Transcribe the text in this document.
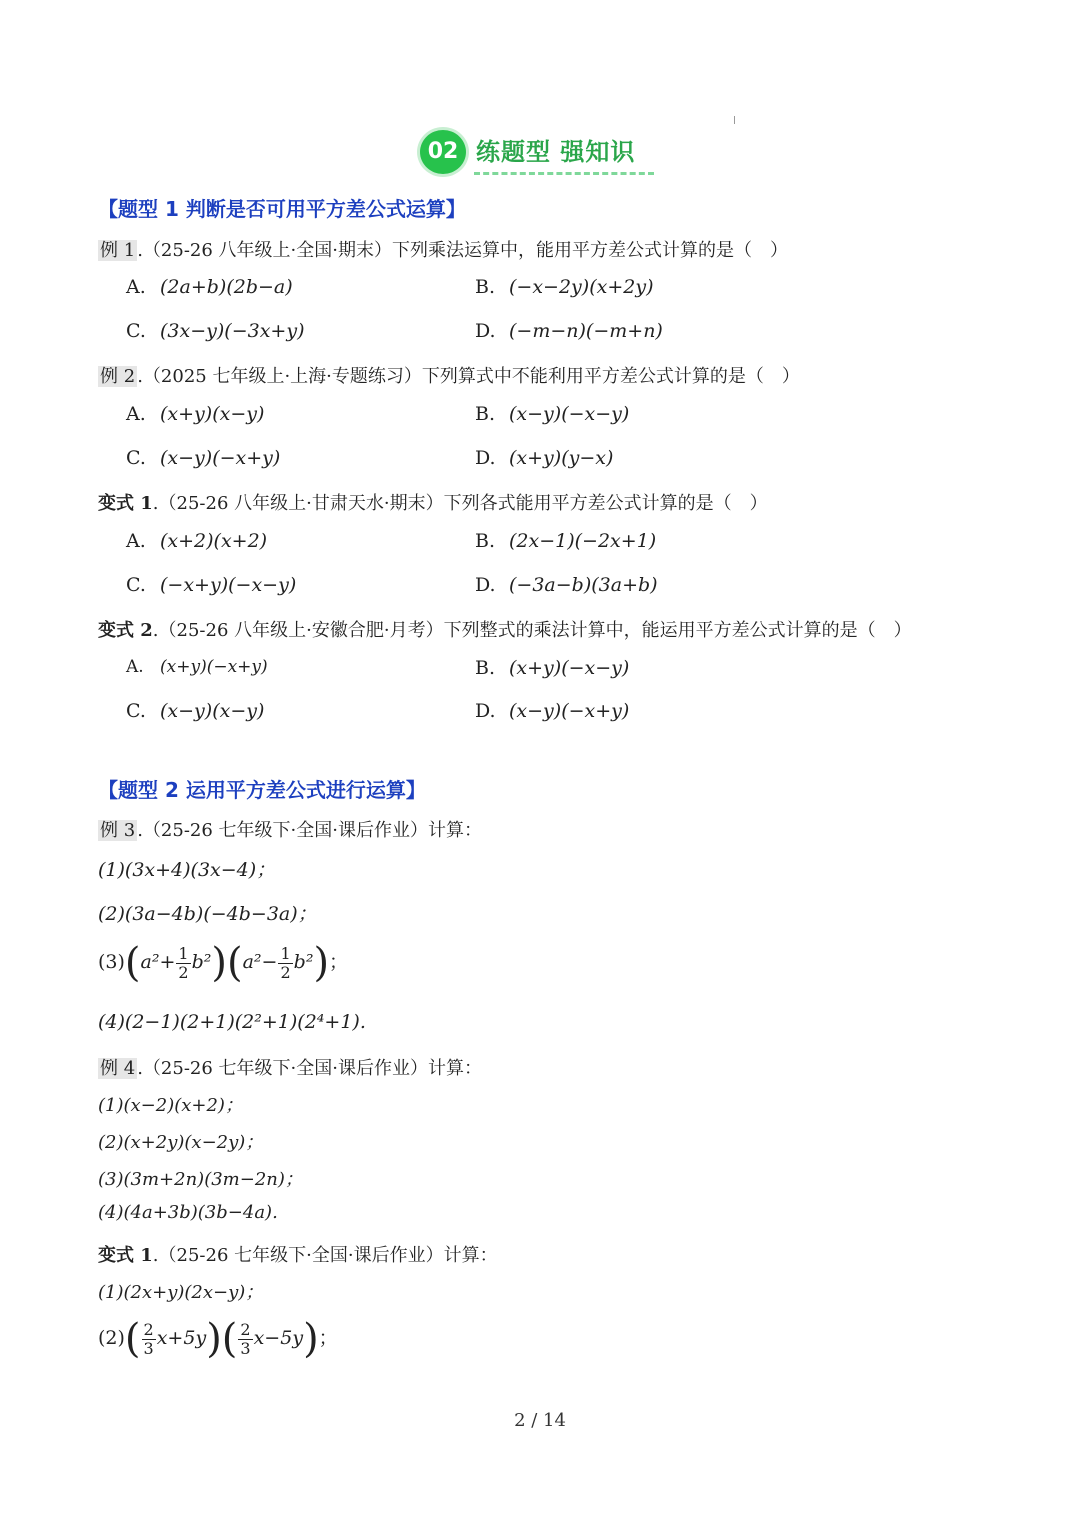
02 练题型 强知识
【题型 1 判断是否可用平方差公式运算】
例 1 .（25-26 八年级上·全国·期末）下列乘法运算中，能用平方差公式计算的是（　）
A. (2a+b)(2b−a)	B. (−x−2y)(x+2y)
C. (3x−y)(−3x+y)	D. (−m−n)(−m+n)
例 2 .（2025 七年级上·上海·专题练习）下列算式中不能利用平方差公式计算的是（　）
A. (x+y)(x−y)	B. (x−y)(−x−y)
C. (x−y)(−x+y)	D. (x+y)(y−x)
变式 1.（25-26 八年级上·甘肃天水·期末）下列各式能用平方差公式计算的是（　）
A. (x+2)(x+2)	B. (2x−1)(−2x+1)
C. (−x+y)(−x−y)	D. (−3a−b)(3a+b)
变式 2.（25-26 八年级上·安徽合肥·月考）下列整式的乘法计算中，能运用平方差公式计算的是（　）
A. (x+y)(−x+y)	B. (x+y)(−x−y)
C. (x−y)(x−y)	D. (x−y)(−x+y)
【题型 2 运用平方差公式进行运算】
例 3 .（25-26 七年级下·全国·课后作业）计算：
(1)(3x+4)(3x−4)；
(2)(3a−4b)(−4b−3a)；
$(3)(a^2+ \frac{1}{2} b^2)(a^2- \frac{1}{2} b^2)$；
(4)(2−1)(2+1)(2²+1)(2⁴+1).
例 4 .（25-26 七年级下·全国·课后作业）计算：
(1)(x−2)(x+2)；
(2)(x+2y)(x−2y)；
(3)(3m+2n)(3m−2n)；
(4)(4a+3b)(3b−4a).
变式 1.（25-26 七年级下·全国·课后作业）计算：
(1)(2x+y)(2x−y)；
$(2)( \frac{2}{3} x+5y)( \frac{2}{3} x-5y)$；
2 / 14
